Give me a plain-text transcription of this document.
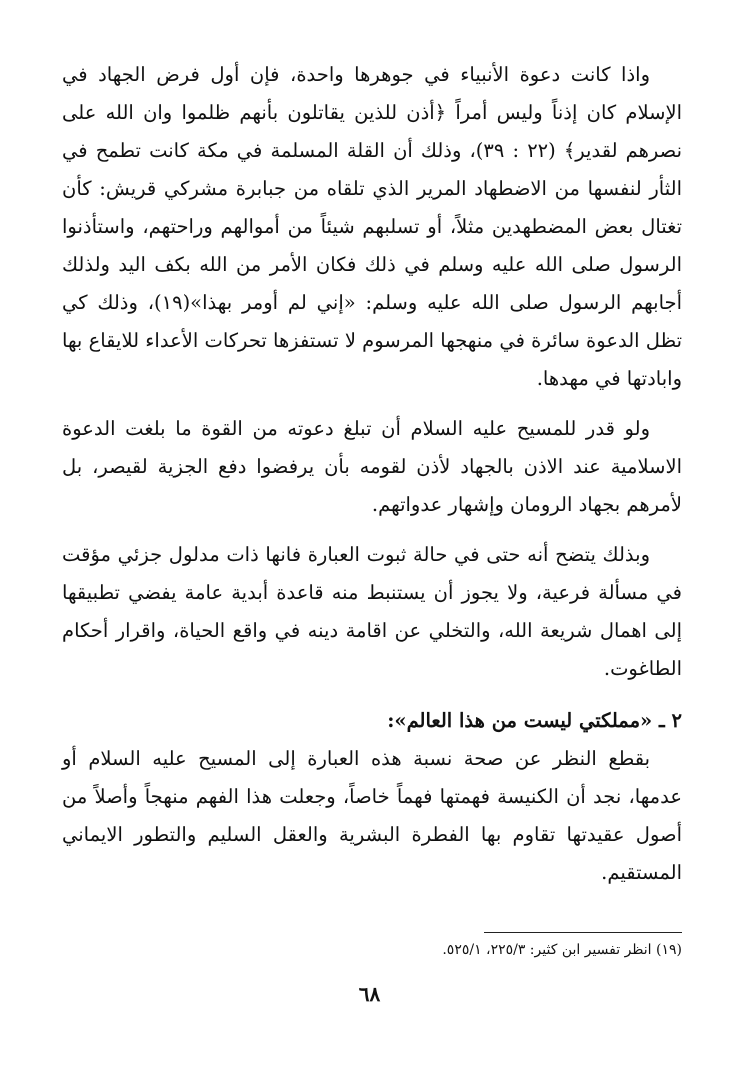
واذا كانت دعوة الأنبياء في جوهرها واحدة، فإن أول فرض الجهاد في الإسلام كان إذناً وليس أمراً ﴿أذن للذين يقاتلون بأنهم ظلموا وان الله على نصرهم لقدير﴾ (٢٢ : ٣٩)، وذلك أن القلة المسلمة في مكة كانت تطمح في الثأر لنفسها من الاضطهاد المرير الذي تلقاه من جبابرة مشركي قريش: كأن تغتال بعض المضطهدين مثلاً، أو تسلبهم شيئاً من أموالهم وراحتهم، واستأذنوا الرسول صلى الله عليه وسلم في ذلك فكان الأمر من الله بكف اليد ولذلك أجابهم الرسول صلى الله عليه وسلم: «إني لم أومر بهذا»(١٩)، وذلك كي تظل الدعوة سائرة في منهجها المرسوم لا تستفزها تحركات الأعداء للايقاع بها وابادتها في مهدها.

ولو قدر للمسيح عليه السلام أن تبلغ دعوته من القوة ما بلغت الدعوة الاسلامية عند الاذن بالجهاد لأذن لقومه بأن يرفضوا دفع الجزية لقيصر، بل لأمرهم بجهاد الرومان وإشهار عدواتهم.

وبذلك يتضح أنه حتى في حالة ثبوت العبارة فانها ذات مدلول جزئي مؤقت في مسألة فرعية، ولا يجوز أن يستنبط منه قاعدة أبدية عامة يفضي تطبيقها إلى اهمال شريعة الله، والتخلي عن اقامة دينه في واقع الحياة، واقرار أحكام الطاغوت.

٢ ـ «مملكتي ليست من هذا العالم»:

بقطع النظر عن صحة نسبة هذه العبارة إلى المسيح عليه السلام أو عدمها، نجد أن الكنيسة فهمتها فهماً خاصاً، وجعلت هذا الفهم منهجاً وأصلاً من أصول عقيدتها تقاوم بها الفطرة البشرية والعقل السليم والتطور الايماني المستقيم.

(١٩) انظر تفسير ابن كثير: ٢٢٥/٣، ٥٢٥/١.
٦٨
